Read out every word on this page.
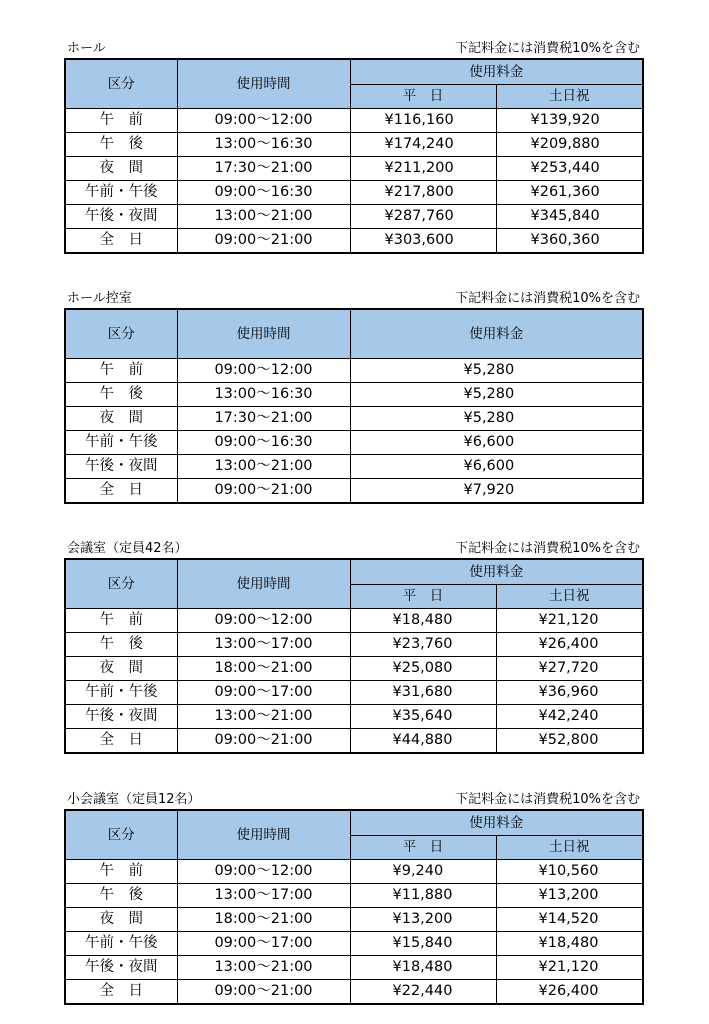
ホール	下記料金には消費税10%を含む
区分	使用時間	使用料金	
		平　日	土日祝
午　前	09:00～12:00	¥116,160	¥139,920
午　後	13:00～16:30	¥174,240	¥209,880
夜　間	17:30～21:00	¥211,200	¥253,440
午前・午後	09:00～16:30	¥217,800	¥261,360
午後・夜間	13:00～21:00	¥287,760	¥345,840
全　日	09:00～21:00	¥303,600	¥360,360
ホール控室	下記料金には消費税10%を含む
区分	使用時間	使用料金
午　前	09:00～12:00	¥5,280
午　後	13:00～16:30	¥5,280
夜　間	17:30～21:00	¥5,280
午前・午後	09:00～16:30	¥6,600
午後・夜間	13:00～21:00	¥6,600
全　日	09:00～21:00	¥7,920
会議室（定員42名）	下記料金には消費税10%を含む
区分	使用時間	使用料金	
		平　日	土日祝
午　前	09:00～12:00	¥18,480	¥21,120
午　後	13:00～17:00	¥23,760	¥26,400
夜　間	18:00～21:00	¥25,080	¥27,720
午前・午後	09:00～17:00	¥31,680	¥36,960
午後・夜間	13:00～21:00	¥35,640	¥42,240
全　日	09:00～21:00	¥44,880	¥52,800
小会議室（定員12名）	下記料金には消費税10%を含む
区分	使用時間	使用料金	
		平　日	土日祝
午　前	09:00～12:00	¥9,240	¥10,560
午　後	13:00～17:00	¥11,880	¥13,200
夜　間	18:00～21:00	¥13,200	¥14,520
午前・午後	09:00～17:00	¥15,840	¥18,480
午後・夜間	13:00～21:00	¥18,480	¥21,120
全　日	09:00～21:00	¥22,440	¥26,400
